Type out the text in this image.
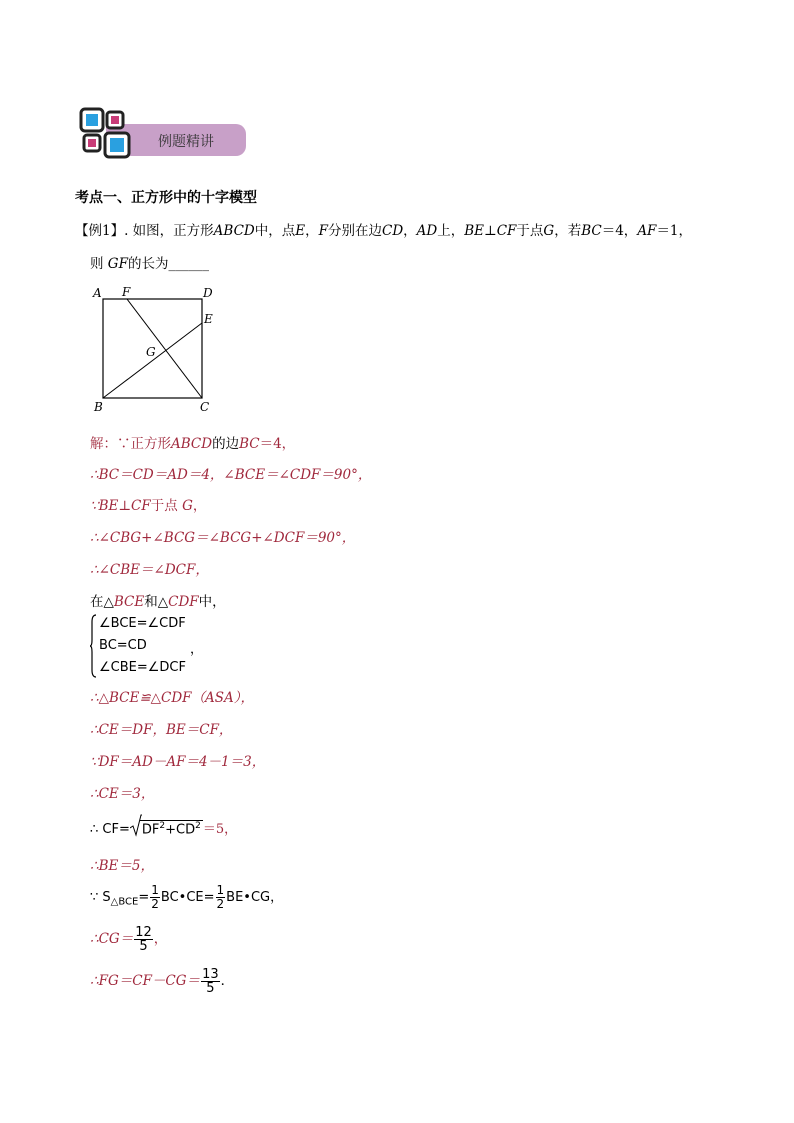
例题精讲
考点一、正方形中的十字模型
【例1】. 如图，正方形ABCD中，点E，F分别在边CD，AD上，BE⊥CF于点G，若BC＝4，AF＝1，
则 GF的长为______
A F	D
E
G
B	C
解：∵正方形ABCD的边BC＝4，
∴BC＝CD＝AD＝4，∠BCE＝∠CDF＝90°，
∵BE⊥CF于点 G，
∴∠CBG+∠BCG＝∠BCG+∠DCF＝90°，
∴∠CBE＝∠DCF，
在△BCE和△CDF中，
∠BCE=∠CDF
BC=CD	，
∠CBE=∠DCF
∴△BCE≌△CDF（ASA），
∴CE＝DF，BE＝CF，
∵DF＝AD－AF＝4－1＝3，
∴CE＝3，
∴ $CF= DF^2+CD^2 =5$，
∴BE＝5，
∵ $S_{\triangle BCE}= \frac{1}{2}$ BC•CE= $\frac{1}{2}$ BE•CG，
∴CG＝ $\frac{12}{5}$ ，
∴FG＝CF－CG＝ $\frac{13}{5}$ ．
